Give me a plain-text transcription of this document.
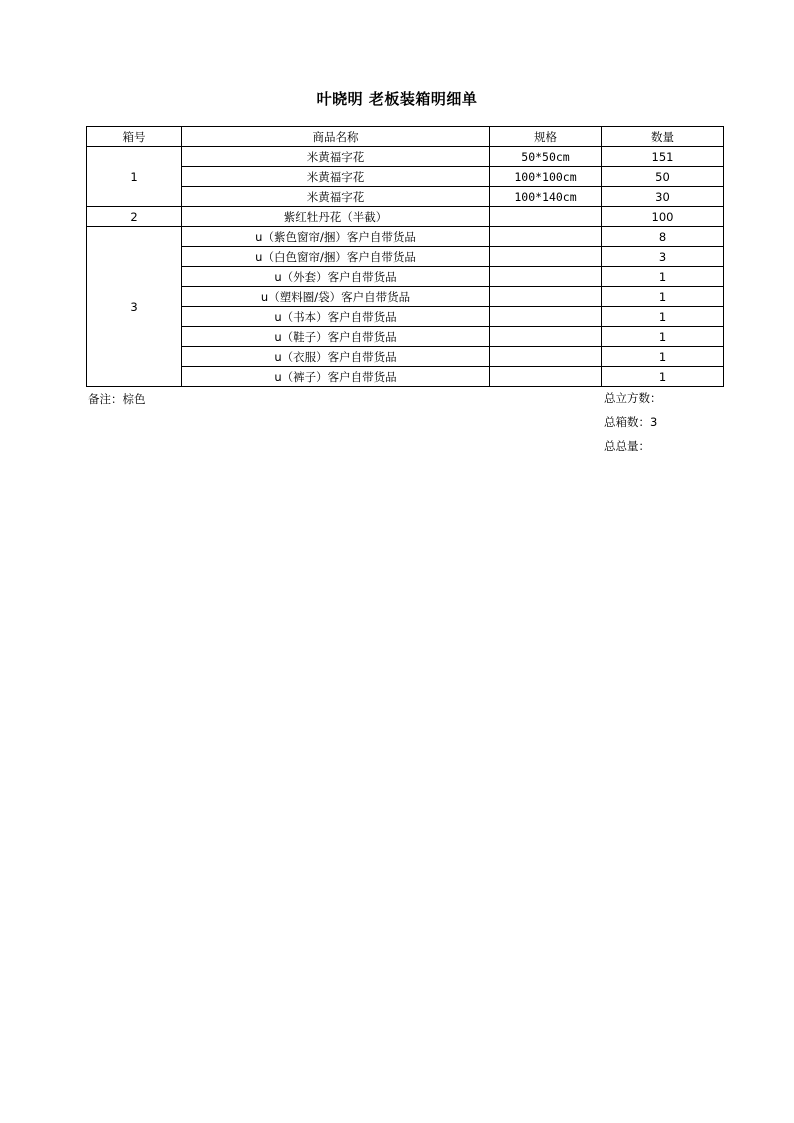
叶晓明 老板装箱明细单
箱号	商品名称	规格	数量
1	米黄福字花	50*50cm	151
	米黄福字花	100*100cm	50
	米黄福字花	100*140cm	30
2	紫红牡丹花（半截）		100
3	u（紫色窗帘/捆）客户自带货品		8
	u（白色窗帘/捆）客户自带货品		3
	u（外套）客户自带货品		1
	u（塑料圈/袋）客户自带货品		1
	u（书本）客户自带货品		1
	u（鞋子）客户自带货品		1
	u（衣服）客户自带货品		1
	u（裤子）客户自带货品		1
备注：棕色	总立方数：
总箱数：3
总总量：
